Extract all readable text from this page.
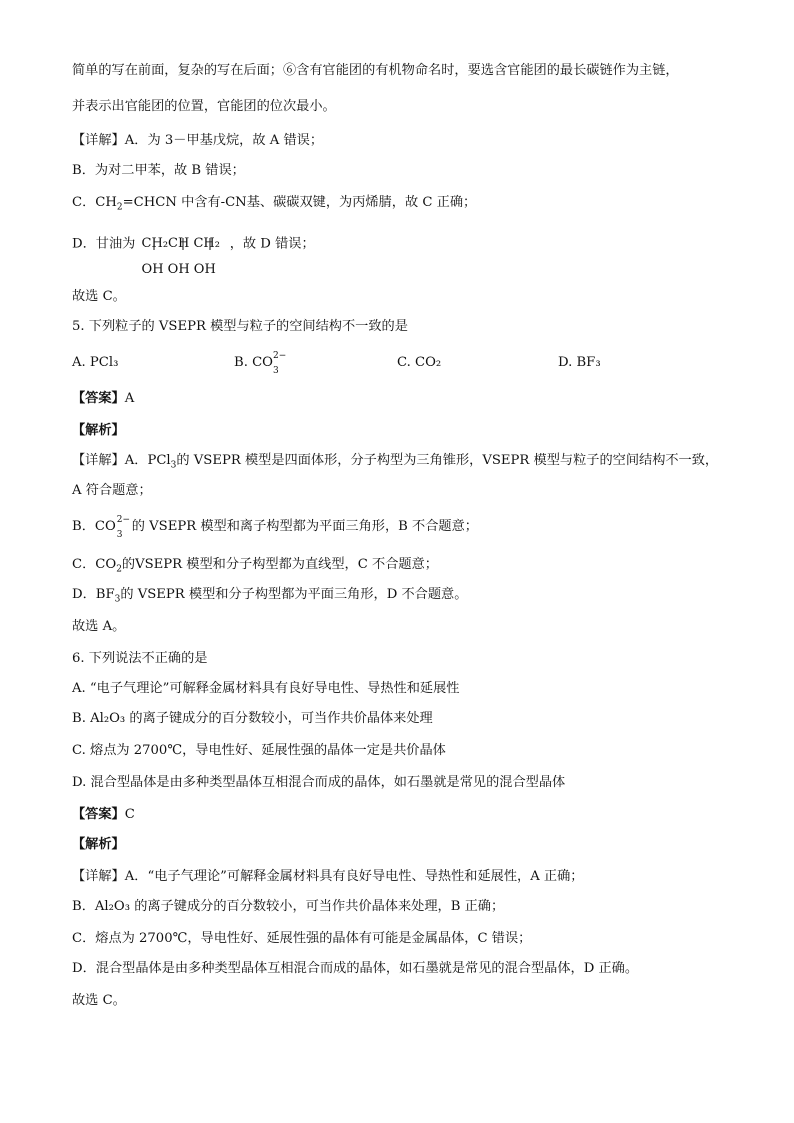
简单的写在前面，复杂的写在后面；⑥含有官能团的有机物命名时，要选含官能团的最长碳链作为主链，
并表示出官能团的位置，官能团的位次最小。
【详解】A．为 3－甲基戊烷，故 A 错误；
B．为对二甲苯，故 B 错误；
C．$CH_2=CHCN$ 中含有-CN基、碳碳双键，为丙烯腈，故 C 正确；
D．甘油为 CH₂CH CH₂
OH OH OH
，故 D 错误；
故选 C。
5. 下列粒子的 VSEPR 模型与粒子的空间结构不一致的是
A. PCl₃	B. CO 2−
3
C. CO₂	D. BF₃
【答案】A
【解析】
【详解】A．PCl$_3$的 VSEPR 模型是四面体形，分子构型为三角锥形，VSEPR 模型与粒子的空间结构不一致，
A 符合题意；
B．CO 2−
3
的 VSEPR 模型和离子构型都为平面三角形，B 不合题意；
C．$CO_2$的VSEPR 模型和分子构型都为直线型，C 不合题意；
D．$BF_3$的 VSEPR 模型和分子构型都为平面三角形，D 不合题意。
故选 A。
6. 下列说法不正确的是
A. “电子气理论”可解释金属材料具有良好导电性、导热性和延展性
B. Al₂O₃ 的离子键成分的百分数较小，可当作共价晶体来处理
C. 熔点为 2700℃，导电性好、延展性强的晶体一定是共价晶体
D. 混合型晶体是由多种类型晶体互相混合而成的晶体，如石墨就是常见的混合型晶体
【答案】C
【解析】
【详解】A．“电子气理论”可解释金属材料具有良好导电性、导热性和延展性，A 正确；
B．Al₂O₃ 的离子键成分的百分数较小，可当作共价晶体来处理，B 正确；
C．熔点为 2700℃，导电性好、延展性强的晶体有可能是金属晶体，C 错误；
D．混合型晶体是由多种类型晶体互相混合而成的晶体，如石墨就是常见的混合型晶体，D 正确。
故选 C。
